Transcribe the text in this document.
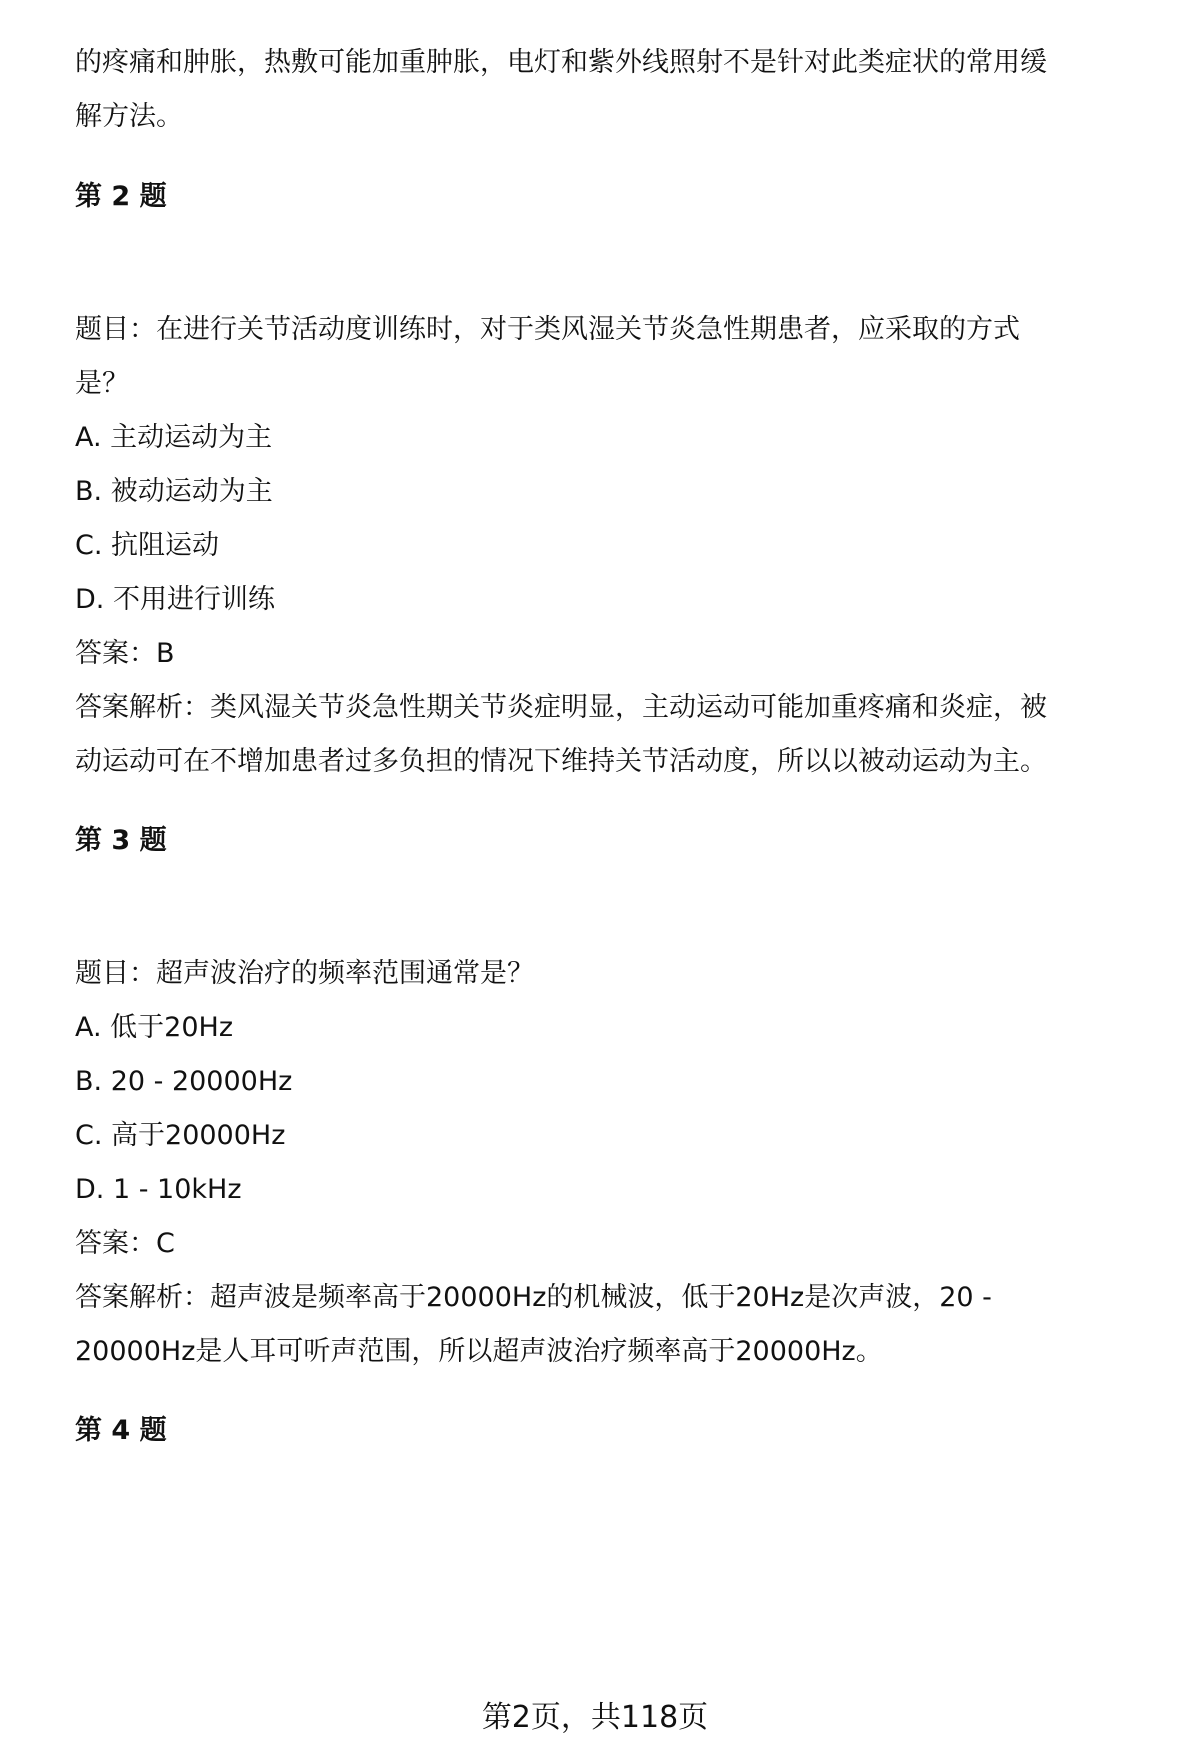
的疼痛和肿胀，热敷可能加重肿胀，电灯和紫外线照射不是针对此类症状的常用缓
解方法。
第 2 题
题目：在进行关节活动度训练时，对于类风湿关节炎急性期患者，应采取的方式
是？
A. 主动运动为主
B. 被动运动为主
C. 抗阻运动
D. 不用进行训练
答案：B
答案解析：类风湿关节炎急性期关节炎症明显，主动运动可能加重疼痛和炎症，被
动运动可在不增加患者过多负担的情况下维持关节活动度，所以以被动运动为主。
第 3 题
题目：超声波治疗的频率范围通常是？
A. 低于20Hz
B. 20 - 20000Hz
C. 高于20000Hz
D. 1 - 10kHz
答案：C
答案解析：超声波是频率高于20000Hz的机械波，低于20Hz是次声波，20 -
20000Hz是人耳可听声范围，所以超声波治疗频率高于20000Hz。
第 4 题
第2页，共118页
